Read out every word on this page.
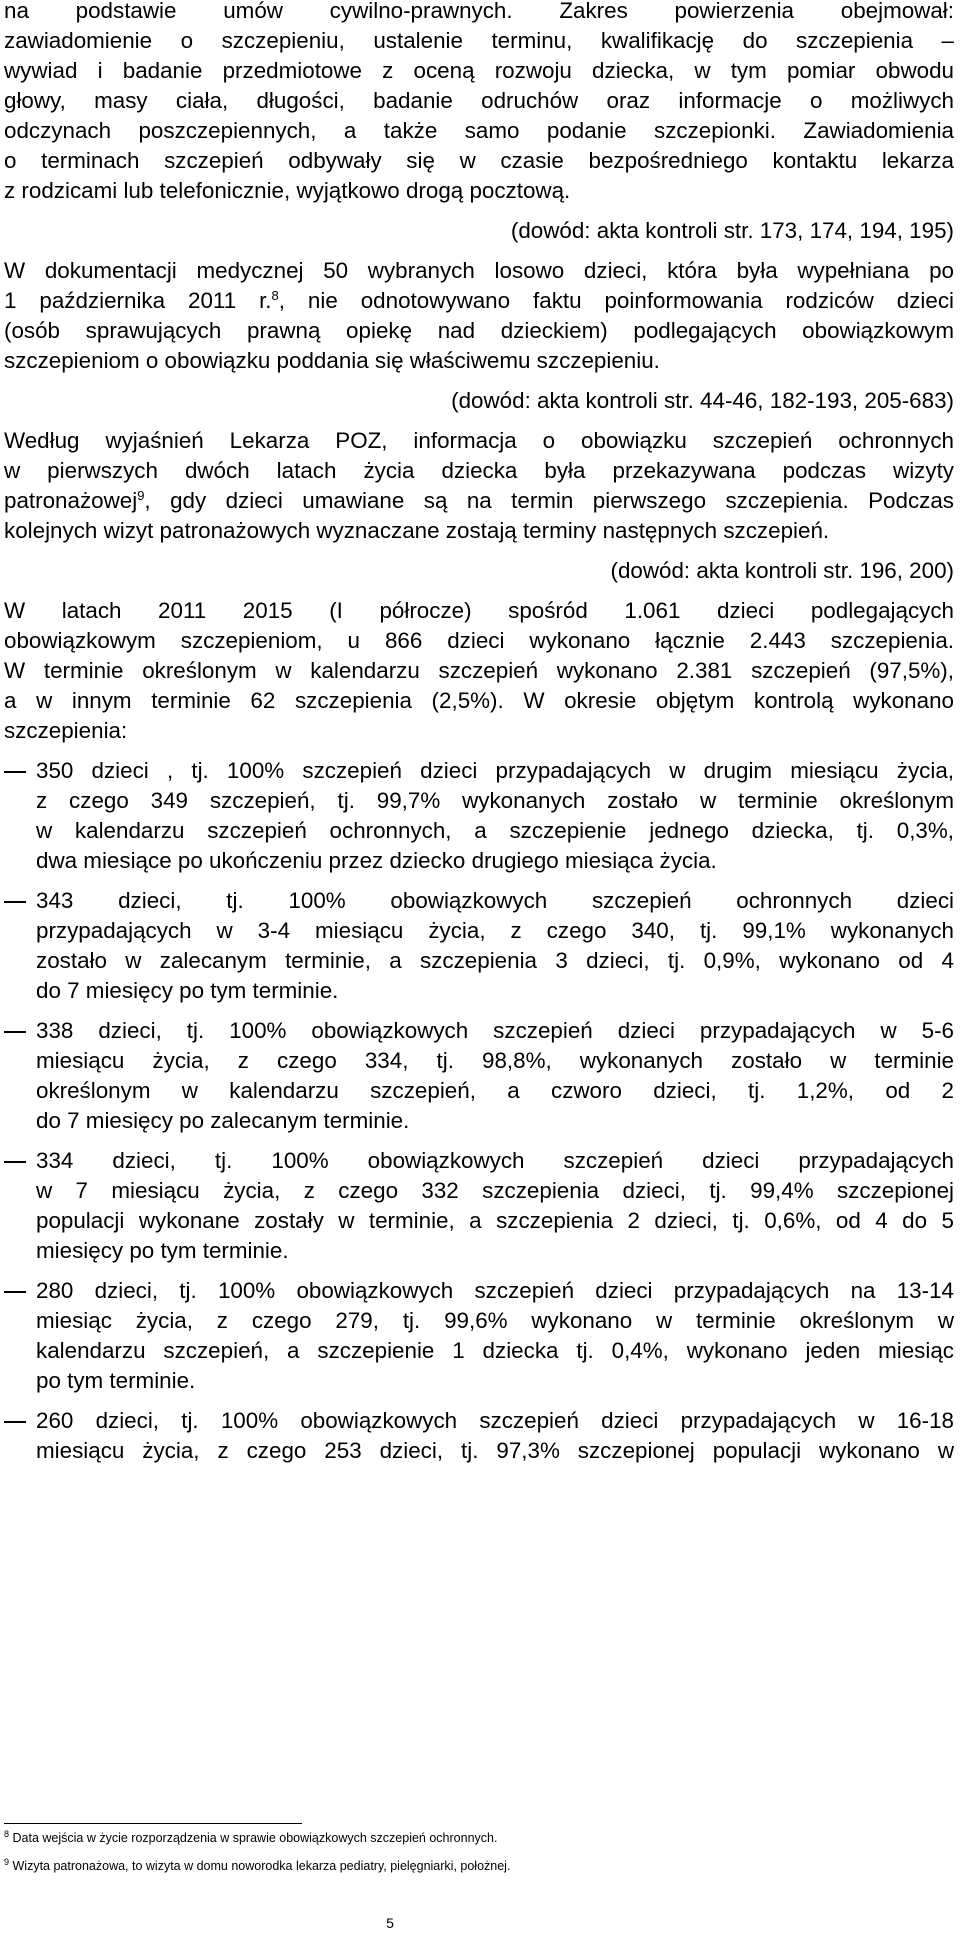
na podstawie umów cywilno-prawnych. Zakres powierzenia obejmował:
zawiadomienie o szczepieniu, ustalenie terminu, kwalifikację do szczepienia –
wywiad i badanie przedmiotowe z oceną rozwoju dziecka, w tym pomiar obwodu
głowy, masy ciała, długości, badanie odruchów oraz informacje o możliwych
odczynach poszczepiennych, a także samo podanie szczepionki. Zawiadomienia
o terminach szczepień odbywały się w czasie bezpośredniego kontaktu lekarza
z rodzicami lub telefonicznie, wyjątkowo drogą pocztową.
(dowód: akta kontroli str. 173, 174, 194, 195)
W dokumentacji medycznej 50 wybranych losowo dzieci, która była wypełniana po
1 października 2011 r.$^8$, nie odnotowywano faktu poinformowania rodziców dzieci
(osób sprawujących prawną opiekę nad dzieckiem) podlegających obowiązkowym
szczepieniom o obowiązku poddania się właściwemu szczepieniu.
(dowód: akta kontroli str. 44-46, 182-193, 205-683)
Według wyjaśnień Lekarza POZ, informacja o obowiązku szczepień ochronnych
w pierwszych dwóch latach życia dziecka była przekazywana podczas wizyty
patronażowej$^9$, gdy dzieci umawiane są na termin pierwszego szczepienia. Podczas
kolejnych wizyt patronażowych wyznaczane zostają terminy następnych szczepień.
(dowód: akta kontroli str. 196, 200)
W latach 2011 2015 (I półrocze) spośród 1.061 dzieci podlegających
obowiązkowym szczepieniom, u 866 dzieci wykonano łącznie 2.443 szczepienia.
W terminie określonym w kalendarzu szczepień wykonano 2.381 szczepień (97,5%),
a w innym terminie 62 szczepienia (2,5%). W okresie objętym kontrolą wykonano
szczepienia:
350 dzieci , tj. 100% szczepień dzieci przypadających w drugim miesiącu życia,
z czego 349 szczepień, tj. 99,7% wykonanych zostało w terminie określonym
w kalendarzu szczepień ochronnych, a szczepienie jednego dziecka, tj. 0,3%,
dwa miesiące po ukończeniu przez dziecko drugiego miesiąca życia.
343 dzieci, tj. 100% obowiązkowych szczepień ochronnych dzieci
przypadających w 3-4 miesiącu życia, z czego 340, tj. 99,1% wykonanych
zostało w zalecanym terminie, a szczepienia 3 dzieci, tj. 0,9%, wykonano od 4
do 7 miesięcy po tym terminie.
338 dzieci, tj. 100% obowiązkowych szczepień dzieci przypadających w 5-6
miesiącu życia, z czego 334, tj. 98,8%, wykonanych zostało w terminie
określonym w kalendarzu szczepień, a czworo dzieci, tj. 1,2%, od 2
do 7 miesięcy po zalecanym terminie.
334 dzieci, tj. 100% obowiązkowych szczepień dzieci przypadających
w 7 miesiącu życia, z czego 332 szczepienia dzieci, tj. 99,4% szczepionej
populacji wykonane zostały w terminie, a szczepienia 2 dzieci, tj. 0,6%, od 4 do 5
miesięcy po tym terminie.
280 dzieci, tj. 100% obowiązkowych szczepień dzieci przypadających na 13-14
miesiąc życia, z czego 279, tj. 99,6% wykonano w terminie określonym w
kalendarzu szczepień, a szczepienie 1 dziecka tj. 0,4%, wykonano jeden miesiąc
po tym terminie.
260 dzieci, tj. 100% obowiązkowych szczepień dzieci przypadających w 16-18
miesiącu życia, z czego 253 dzieci, tj. 97,3% szczepionej populacji wykonano w
$^8$ Data wejścia w życie rozporządzenia w sprawie obowiązkowych szczepień ochronnych.
$^9$ Wizyta patronażowa, to wizyta w domu noworodka lekarza pediatry, pielęgniarki, położnej.
5
